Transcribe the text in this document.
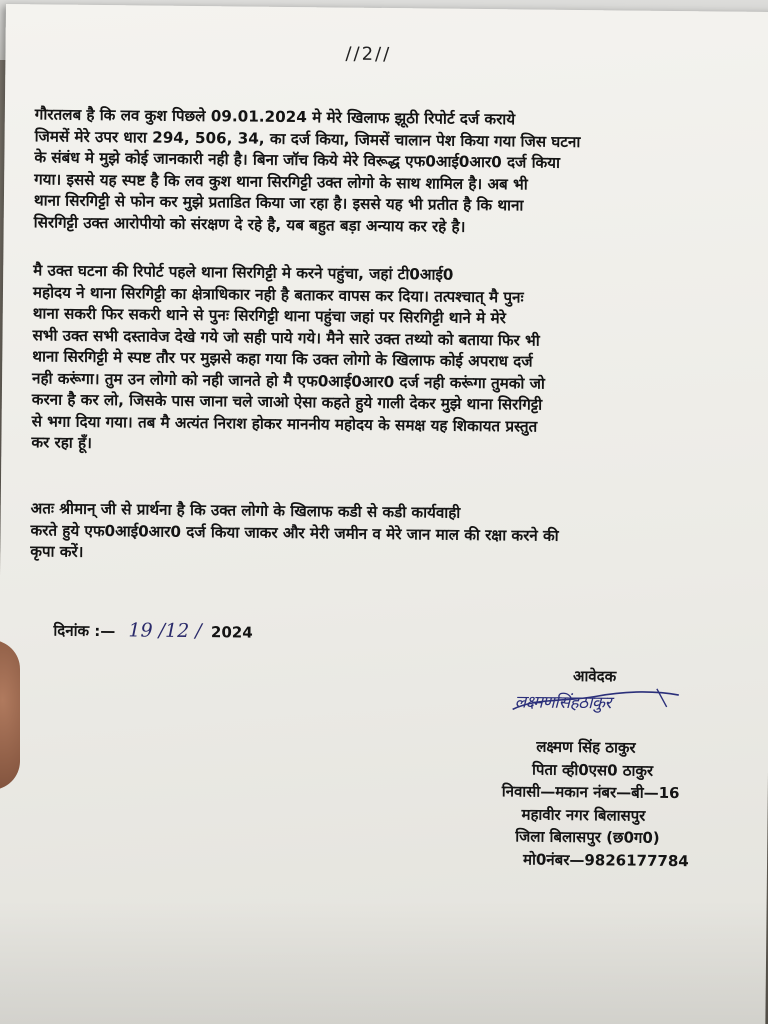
//2//

गौरतलब है कि लव कुश पिछले 09.01.2024 मे मेरे खिलाफ झूठी रिपोर्ट दर्ज कराये
जिमसें मेरे उपर धारा 294, 506, 34, का दर्ज किया, जिमसें चालान पेश किया गया जिस घटना
के संबंध मे मुझे कोई जानकारी नही है। बिना जॉच किये मेरे विरूद्ध एफ0आई0आर0 दर्ज किया
गया। इससे यह स्पष्ट है कि लव कुश थाना सिरगिट्टी उक्त लोगो के साथ शामिल है। अब भी
थाना सिरगिट्टी से फोन कर मुझे प्रताडित किया जा रहा है। इससे यह भी प्रतीत है कि थाना
सिरगिट्टी उक्त आरोपीयो को संरक्षण दे रहे है, यब बहुत बड़ा अन्याय कर रहे है।

मै उक्त घटना की रिपोर्ट पहले थाना सिरगिट्टी मे करने पहुंचा, जहां टी0आई0
महोदय ने थाना सिरगिट्टी का क्षेत्राधिकार नही है बताकर वापस कर दिया। तत्पश्चात् मै पुनः
थाना सकरी फिर सकरी थाने से पुनः सिरगिट्टी थाना पहुंचा जहां पर सिरगिट्टी थाने मे मेरे
सभी उक्त सभी दस्तावेज देखे गये जो सही पाये गये। मैने सारे उक्त तथ्यो को बताया फिर भी
थाना सिरगिट्टी मे स्पष्ट तौर पर मुझसे कहा गया कि उक्त लोगो के खिलाफ कोई अपराध दर्ज
नही करूंगा। तुम उन लोगो को नही जानते हो मै एफ0आई0आर0 दर्ज नही करूंगा तुमको जो
करना है कर लो, जिसके पास जाना चले जाओ ऐसा कहते हुये गाली देकर मुझे थाना सिरगिट्टी
से भगा दिया गया। तब मै अत्यंत निराश होकर माननीय महोदय के समक्ष यह शिकायत प्रस्तुत
कर रहा हूँ।

अतः श्रीमान् जी से प्रार्थना है कि उक्त लोगो के खिलाफ कडी से कडी कार्यवाही
करते हुये एफ0आई0आर0 दर्ज किया जाकर और मेरी जमीन व मेरे जान माल की रक्षा करने की
कृपा करें।

दिनांक :— 19 /12 / 2024
आवेदक
लक्ष्मणसिंहठाकुर
लक्ष्मण सिंह ठाकुर
पिता व्ही0एस0 ठाकुर
निवासी—मकान नंबर—बी—16
महावीर नगर बिलासपुर
जिला बिलासपुर (छ0ग0)
मो0नंबर—9826177784
